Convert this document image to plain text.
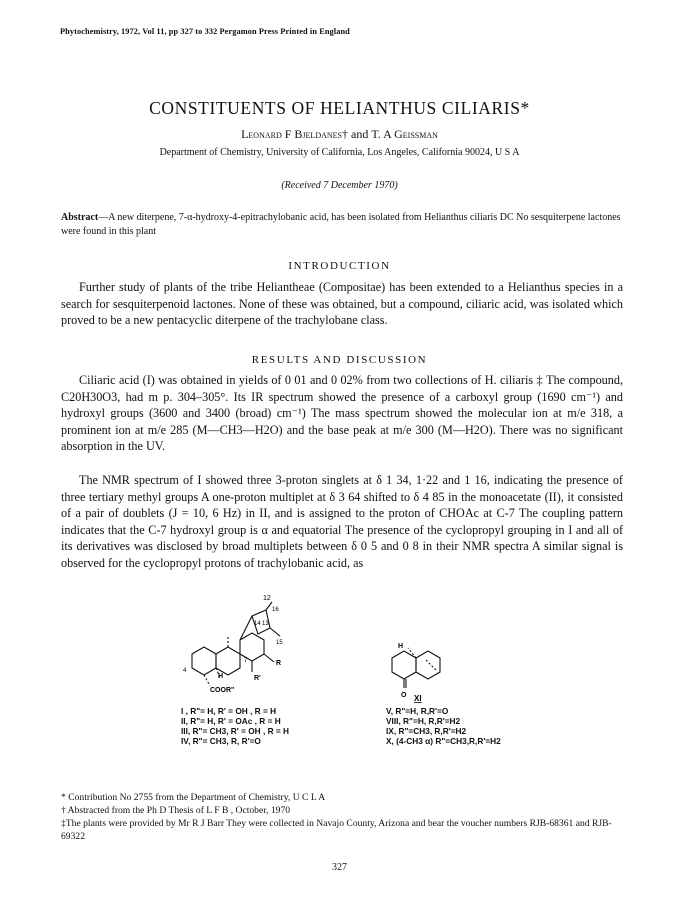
Phytochemistry, 1972, Vol 11, pp 327 to 332 Pergamon Press Printed in England
CONSTITUENTS OF HELIANTHUS CILIARIS*
Leonard F Bjeldanes† and T. A Geissman
Department of Chemistry, University of California, Los Angeles, California 90024, U S A
(Received 7 December 1970)
Abstract—A new diterpene, 7-α-hydroxy-4-epitrachylobanic acid, has been isolated from Helianthus ciliaris DC No sesquiterpene lactones were found in this plant
INTRODUCTION
Further study of plants of the tribe Heliantheae (Compositae) has been extended to a Helianthus species in a search for sesquiterpenoid lactones. None of these was obtained, but a compound, ciliaric acid, was isolated which proved to be a new pentacyclic diterpene of the trachylobane class.
RESULTS AND DISCUSSION
Ciliaric acid (I) was obtained in yields of 0 01 and 0 02% from two collections of H. ciliaris ‡ The compound, C20H30O3, had m p. 304–305°. Its IR spectrum showed the presence of a carboxyl group (1690 cm⁻¹) and hydroxyl groups (3600 and 3400 (broad) cm⁻¹) The mass spectrum showed the molecular ion at m/e 318, a prominent ion at m/e 285 (M—CH3—H2O) and the base peak at m/e 300 (M—H2O). There was no significant absorption in the UV.
The NMR spectrum of I showed three 3-proton singlets at δ 1 34, 1·22 and 1 16, indicating the presence of three tertiary methyl groups A one-proton multiplet at δ 3 64 shifted to δ 4 85 in the monoacetate (II), it consisted of a pair of doublets (J = 10, 6 Hz) in II, and is assigned to the proton of CHOAc at C-7 The coupling pattern indicates that the C-7 hydroxyl group is α and equatorial The presence of the cyclopropyl grouping in I and all of its derivatives was disclosed by broad multiplets between δ 0 5 and 0 8 in their NMR spectra A similar signal is observed for the cyclopropyl protons of trachylobanic acid, as
12
16
14 13
15
R
7
R'
4
H
COOR"
H
O XI
I , R"= H, R' = OH , R = H
II, R"= H, R' = OAc , R = H
III, R"= CH3, R' = OH , R = H
IV, R"= CH3, R, R'=O
V, R"=H, R,R'=O
VIII, R"=H, R,R'=H2
IX, R"=CH3, R,R'=H2
X, (4-CH3 α) R"=CH3,R,R'=H2
* Contribution No 2755 from the Department of Chemistry, U C L A
† Abstracted from the Ph D Thesis of L F B , October, 1970
‡The plants were provided by Mr R J Barr They were collected in Navajo County, Arizona and bear the voucher numbers RJB-68361 and RJB-69322
327
